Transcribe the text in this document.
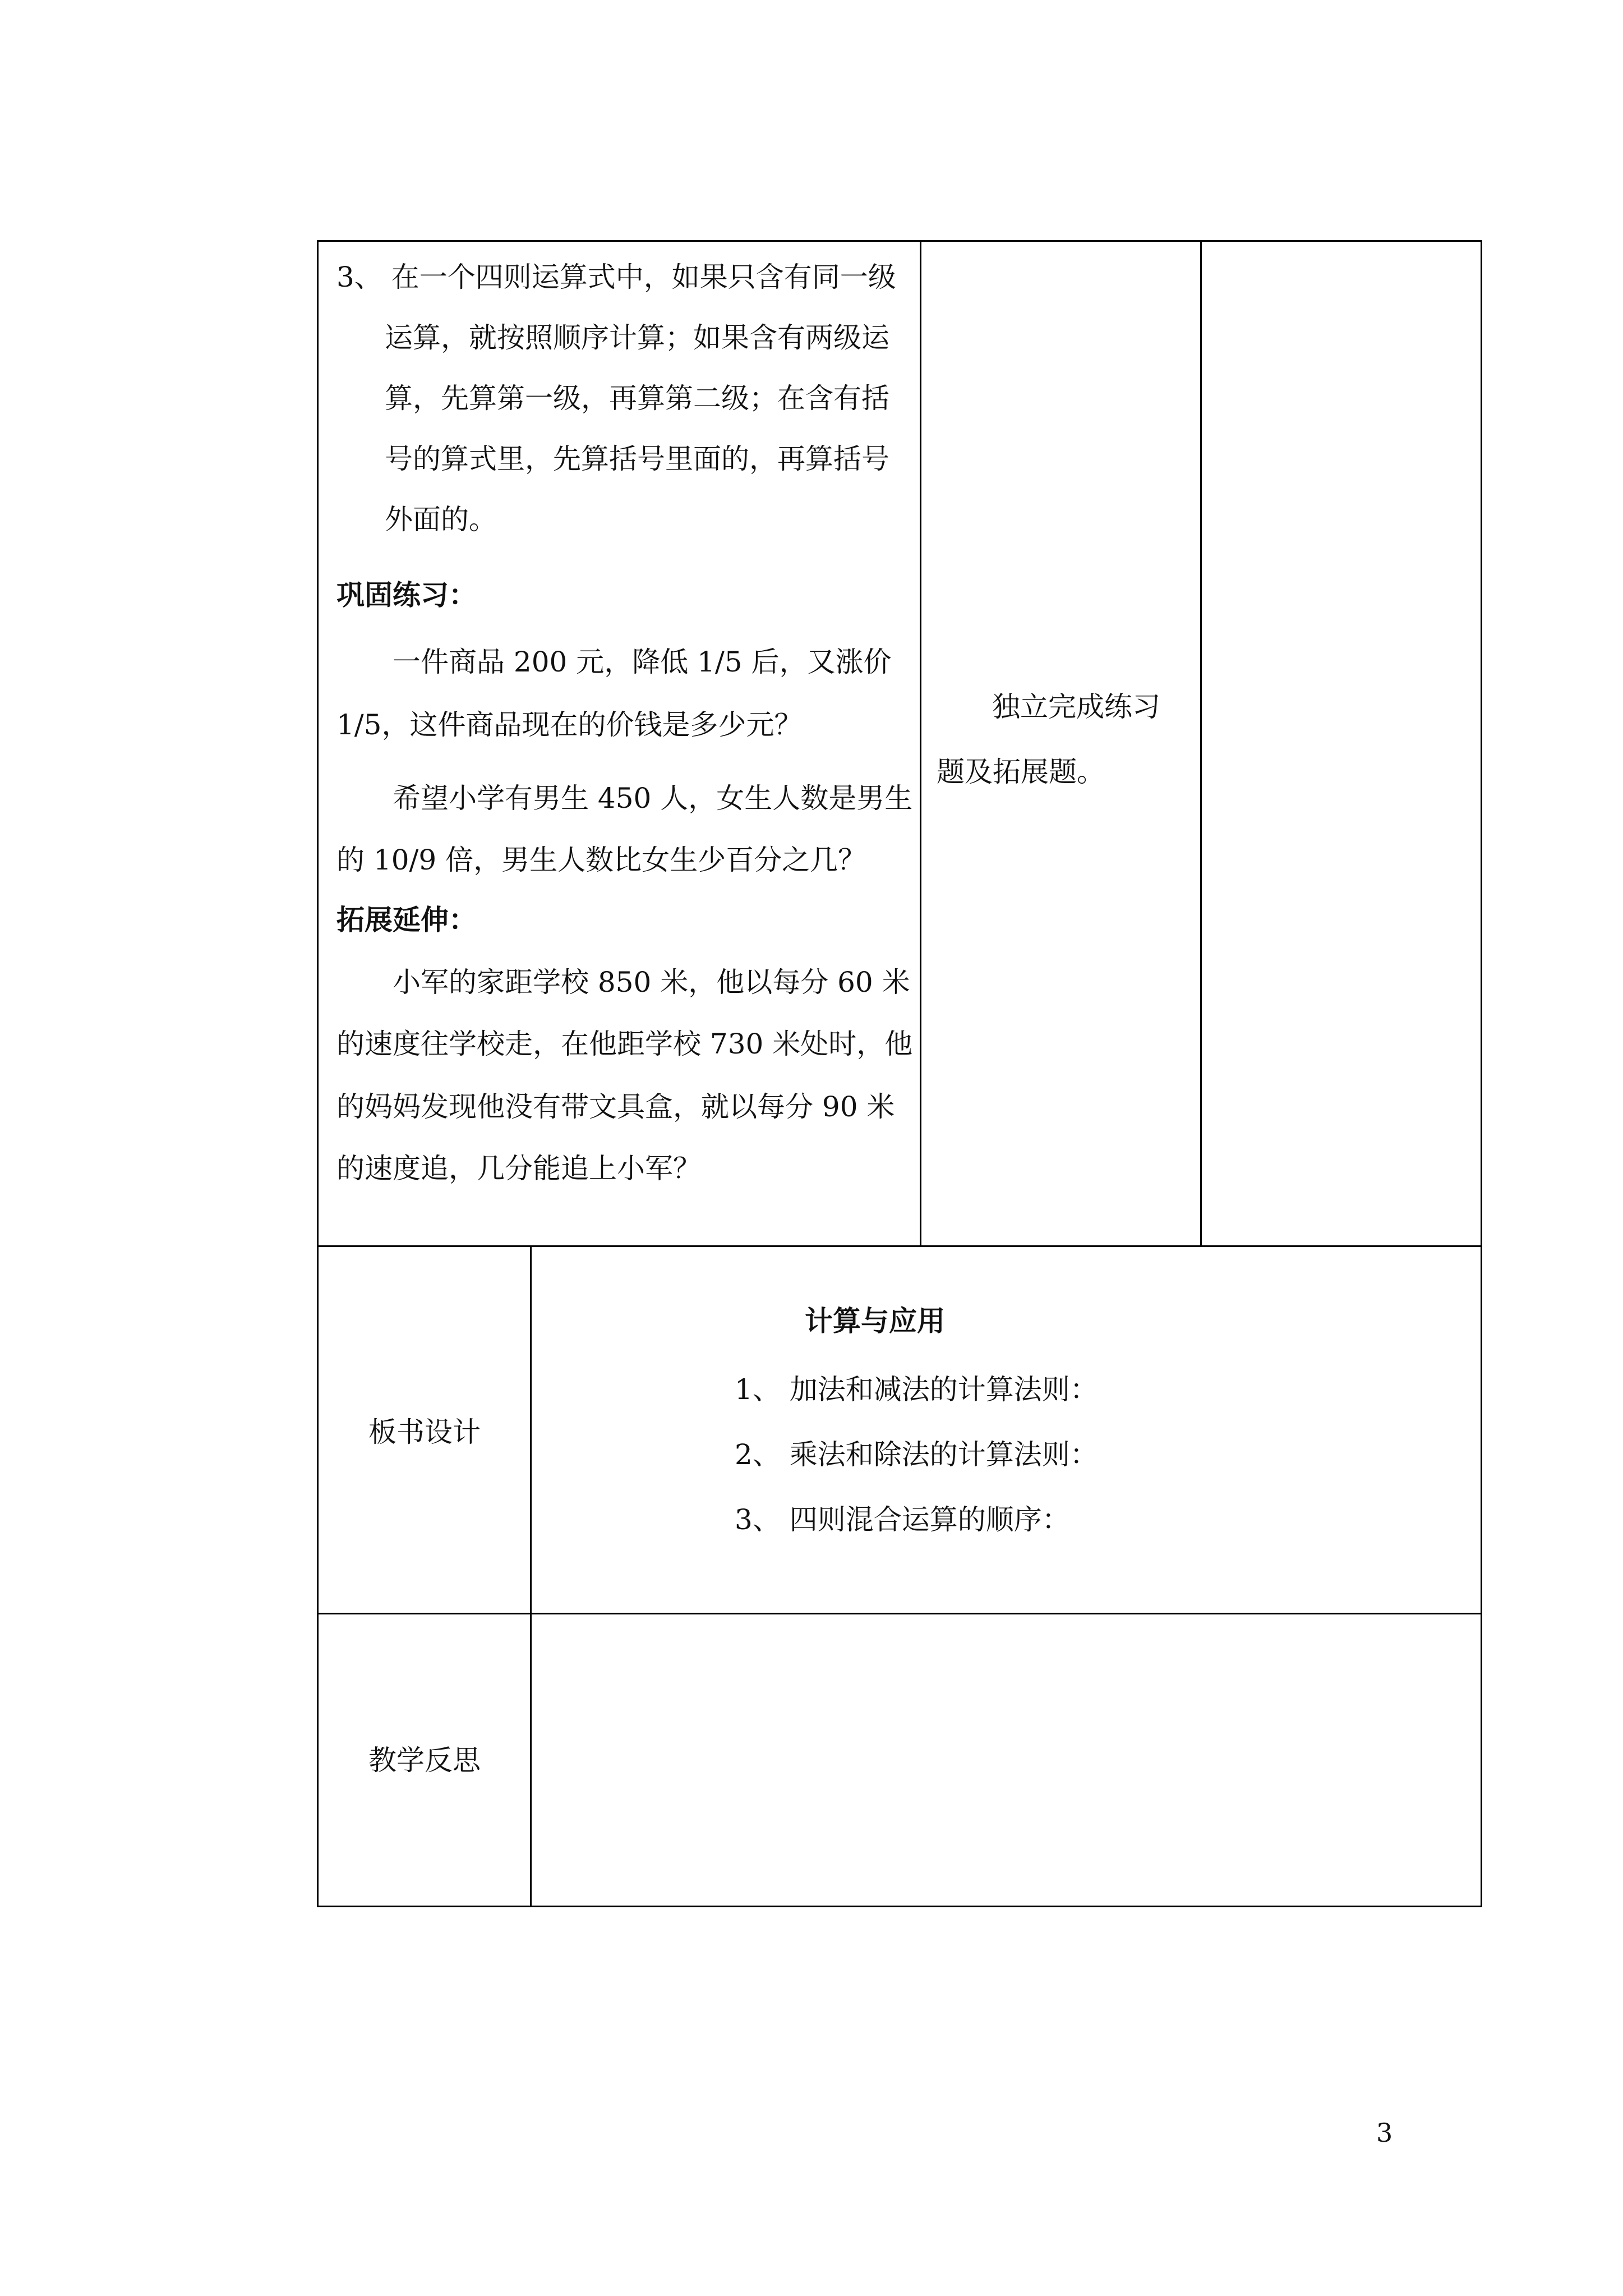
3、 在一个四则运算式中，如果只含有同一级
运算，就按照顺序计算；如果含有两级运
算，先算第一级，再算第二级；在含有括
号的算式里，先算括号里面的，再算括号
外面的。
巩固练习：
一件商品 200 元，降低 1/5 后，又涨价
1/5，这件商品现在的价钱是多少元？
希望小学有男生 450 人，女生人数是男生
的 10/9 倍，男生人数比女生少百分之几？
拓展延伸：
小军的家距学校 850 米，他以每分 60 米
的速度往学校走，在他距学校 730 米处时，他
的妈妈发现他没有带文具盒，就以每分 90 米
的速度追，几分能追上小军？
独立完成练习
题及拓展题。
板书设计
计算与应用
1、 加法和减法的计算法则：
2、 乘法和除法的计算法则：
3、 四则混合运算的顺序：
教学反思
3
